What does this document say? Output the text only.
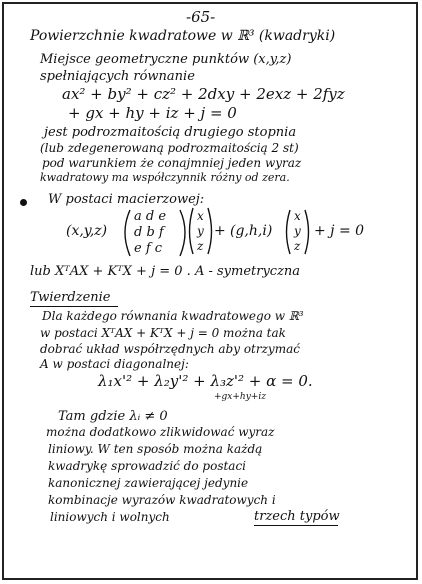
-65-
Powierzchnie kwadratowe w ℝ³ (kwadryki)
Miejsce geometryczne punktów (x,y,z)
spełniających równanie
ax² + by² + cz² + 2dxy + 2exz + 2fyz
+ gx + hy + iz + j = 0
jest podrozmaitością drugiego stopnia
(lub zdegenerowaną podrozmaitością 2 st)
pod warunkiem że conajmniej jeden wyraz
kwadratowy ma współczynnik różny od zera.
W postaci macierzowej:
(x,y,z)
a d e
d b f
e f c
x
y
z
+ (g,h,i)
x
y
z
+ j = 0
lub XᵀAX + KᵀX + j = 0 . A - symetryczna
Twierdzenie
Dla każdego równania kwadratowego w ℝ³
w postaci XᵀAX + KᵀX + j = 0 można tak
dobrać układ współrzędnych aby otrzymać
A w postaci diagonalnej:
λ₁x'² + λ₂y'² + λ₃z'² + α = 0.
+gx+hy+iz
Tam gdzie λᵢ ≠ 0
można dodatkowo zlikwidować wyraz
liniowy. W ten sposób można każdą
kwadrykę sprowadzić do postaci
kanonicznej zawierającej jedynie
kombinacje wyrazów kwadratowych i
liniowych i wolnych	trzech typów
